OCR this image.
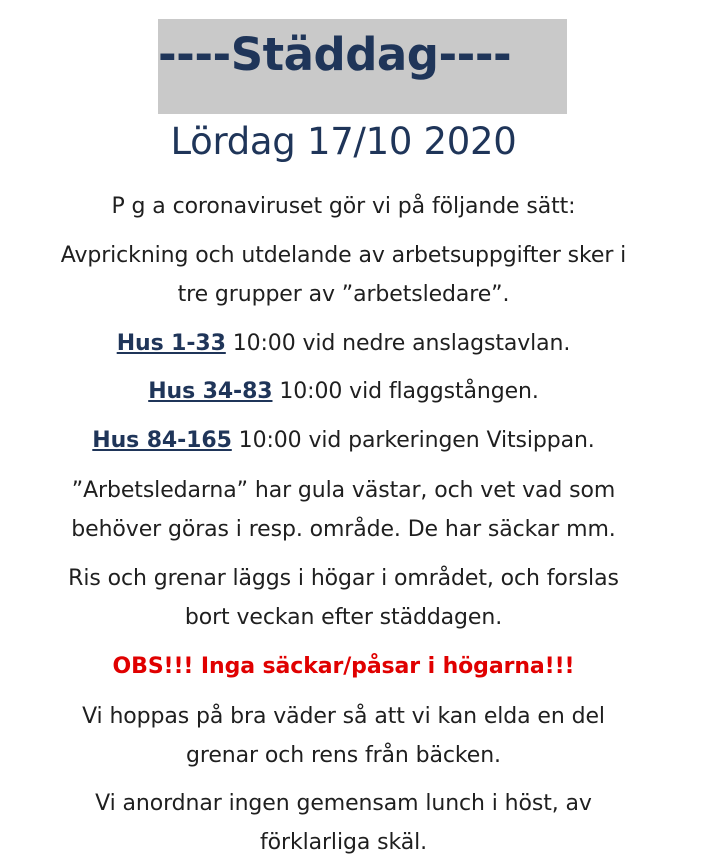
----Städdag----
Lördag 17/10 2020
P g a coronaviruset gör vi på följande sätt:
Avprickning och utdelande av arbetsuppgifter sker i
tre grupper av ”arbetsledare”.
Hus 1-33 10:00 vid nedre anslagstavlan.
Hus 34-83 10:00 vid flaggstången.
Hus 84-165 10:00 vid parkeringen Vitsippan.
”Arbetsledarna” har gula västar, och vet vad som
behöver göras i resp. område. De har säckar mm.
Ris och grenar läggs i högar i området, och forslas
bort veckan efter städdagen.
OBS!!! Inga säckar/påsar i högarna!!!
Vi hoppas på bra väder så att vi kan elda en del
grenar och rens från bäcken.
Vi anordnar ingen gemensam lunch i höst, av
förklarliga skäl.
